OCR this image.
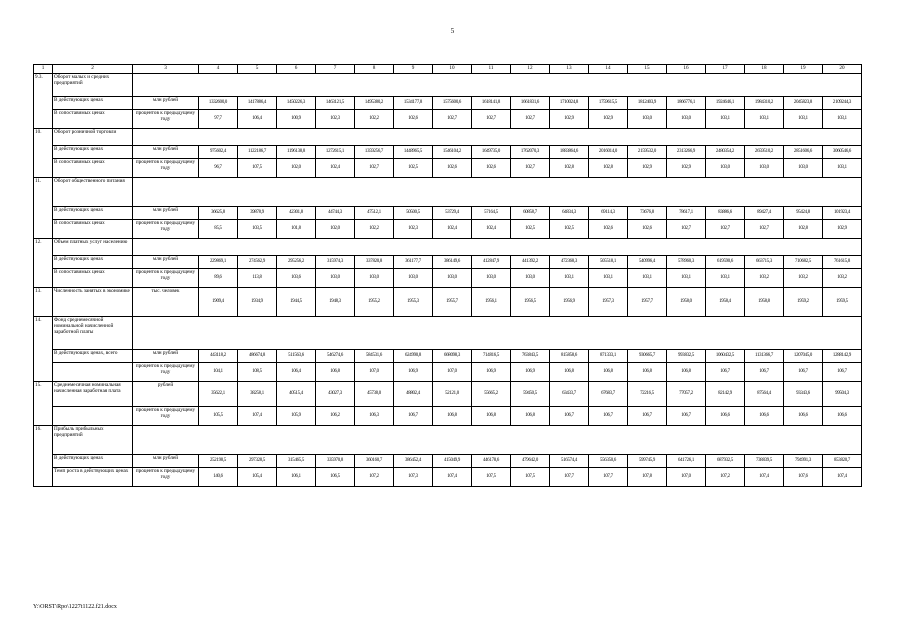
5
1	2	3	4	5	6	7	8	9	10	11	12	13	14	15	16	17	18	19	20
9.3.	Оборот малых и средних предприятий																		
	В действующих ценах	млн рублей	1332600,0	1417886,4	1450226,3	1463121,5	1495380,2	1534177,8	1575600,6	1618141,8	1661831,6	1710024,8	1759615,5	1812403,9	1866776,1	1924646,1	1984310,2	2045823,8	2109244,3
	В сопоставимых ценах	процентов к предыдущему году	97,7	106,4	100,9	102,3	102,2	102,6	102,7	102,7	102,7	102,9	102,9	103,0	103,0	103,1	103,1	103,1	103,1
10.	Оборот розничной торговли																		
	В действующих ценах	млн рублей	975602,4	1122186,7	1196138,8	1272615,1	1359256,7	1448965,5	1546104,2	1649735,0	1762070,3	1883864,6	2016014,0	2159532,0	2313266,9	2480354,2	2659510,2	2851606,6	3060546,6
	В сопоставимых ценах	процентов к предыдущему году	96,7	107,5	102,0	102,4	102,7	102,5	102,6	102,6	102,7	102,8	102,8	102,9	102,9	103,0	103,0	103,0	103,1
11.	Оборот общественного питания																		
	В действующих ценах	млн рублей	36625,8	39878,9	42301,8	44744,3	47512,1	50500,5	53729,4	57164,5	60858,7	64834,3	69114,3	73676,8	78617,1	83886,6	89427,4	95424,8	101923,4
	В сопоставимых ценах	процентов к предыдущему году	85,5	103,5	101,8	102,0	102,2	102,3	102,4	102,4	102,5	102,5	102,6	102,6	102,7	102,7	102,7	102,8	102,9
12.	Объем платных услуг населению																		
	В действующих ценах	млн рублей	229869,1	274562,9	295256,2	315974,3	337820,8	361177,7	386149,6	412847,9	441392,2	472368,3	505518,1	540996,4	578960,3	619590,6	663715,3	710682,5	761615,8
	В сопоставимых ценах	процентов к предыдущему году	89,6	113,8	103,6	103,0	103,0	103,0	103,0	103,0	103,0	103,1	103,1	103,1	103,1	103,1	103,2	103,2	103,2
13.	Численность занятых в экономике	тыс. человек	1909,4	1934,9	1944,5	1948,3	1955,2	1955,3	1955,7	1956,1	1956,5	1956,9	1957,3	1957,7	1958,0	1958,4	1958,8	1959,2	1959,5
14.	Фонд среднемесячной номинальной начисленной заработной платы																		
	В действующих ценах, всего	млн рублей	443118,2	486674,8	511563,6	546274,6	584531,6	624990,8	668098,3	714816,5	763843,5	815858,6	871333,1	930665,7	993832,5	1060432,5	1131366,7	1207045,0	1288142,9
		процентов к предыдущему году	104,1	108,5	106,4	106,8	107,0	106,9	107,0	106,9	106,9	106,8	106,8	106,8	106,8	106,7	106,7	106,7	106,7
15.	Среднемесячная номинальная начисленная заработная плата	рублей	35622,1	38258,1	40515,4	43027,3	45738,0	48802,4	52121,0	55665,2	59450,5	63433,7	67683,7	72216,5	77057,2	82142,9	87564,4	93343,6	99504,3
		процентов к предыдущему году	105,5	107,4	105,9	106,2	106,3	106,7	106,8	106,8	106,8	106,7	106,7	106,7	106,7	106,6	106,6	106,6	106,6
16.	Прибыль прибыльных предприятий																		
	В действующих ценах	млн рублей	252198,5	297328,5	315465,5	335970,8	360160,7	386452,4	415049,9	446178,6	479642,0	516574,4	556350,6	599745,9	641726,1	687932,5	738839,5	794991,3	853820,7
	Темп роста в действующих ценах	процентов к предыдущему году	140,6	105,4	106,1	106,5	107,2	107,3	107,4	107,5	107,5	107,7	107,7	107,8	107,0	107,2	107,4	107,6	107,4
Y:\ORST\Rpo\1227t1122.f21.docx
